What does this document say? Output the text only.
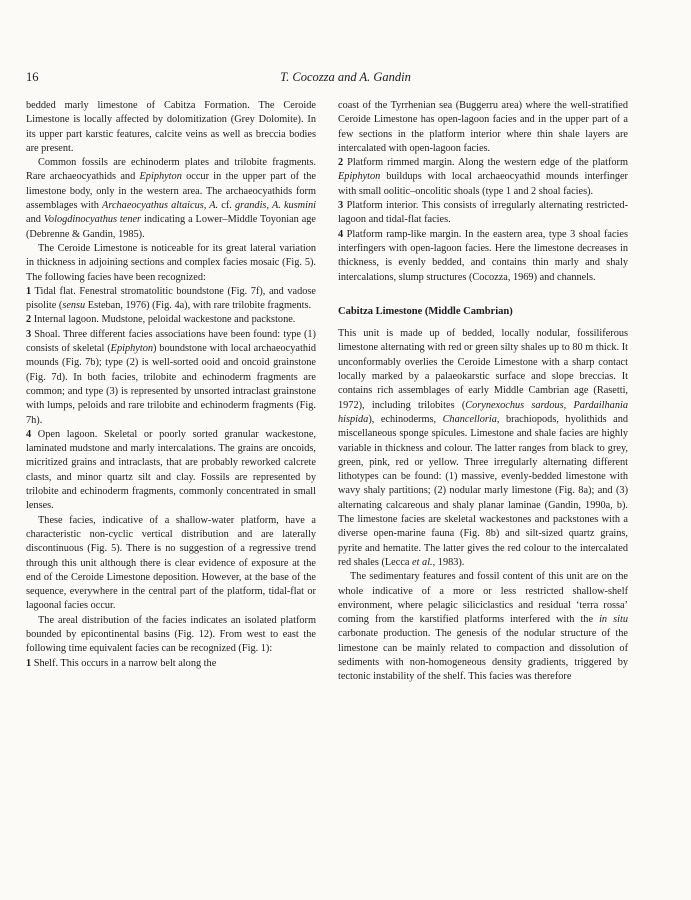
16	T. Cocozza and A. Gandin

bedded marly limestone of Cabitza Formation. The Ceroide Limestone is locally affected by dolomitization (Grey Dolomite). In its upper part karstic features, calcite veins as well as breccia bodies are present.

Common fossils are echinoderm plates and trilobite fragments. Rare archaeocyathids and Epiphyton occur in the upper part of the limestone body, only in the western area. The archaeocyathids form assemblages with Archaeocyathus altaicus, A. cf. grandis, A. kusmini and Vologdinocyathus tener indicating a Lower–Middle Toyonian age (Debrenne & Gandin, 1985).

The Ceroide Limestone is noticeable for its great lateral variation in thickness in adjoining sections and complex facies mosaic (Fig. 5). The following facies have been recognized:

1 Tidal flat. Fenestral stromatolitic boundstone (Fig. 7f), and vadose pisolite (sensu Esteban, 1976) (Fig. 4a), with rare trilobite fragments.

2 Internal lagoon. Mudstone, peloidal wackestone and packstone.

3 Shoal. Three different facies associations have been found: type (1) consists of skeletal (Epiphyton) boundstone with local archaeocyathid mounds (Fig. 7b); type (2) is well-sorted ooid and oncoid grainstone (Fig. 7d). In both facies, trilobite and echinoderm fragments are common; and type (3) is represented by unsorted intraclast grainstone with lumps, peloids and rare trilobite and echinoderm fragments (Fig. 7h).

4 Open lagoon. Skeletal or poorly sorted granular wackestone, laminated mudstone and marly intercalations. The grains are oncoids, micritized grains and intraclasts, that are probably reworked calcrete clasts, and minor quartz silt and clay. Fossils are represented by trilobite and echinoderm fragments, commonly concentrated in small lenses.

These facies, indicative of a shallow-water platform, have a characteristic non-cyclic vertical distribution and are laterally discontinuous (Fig. 5). There is no suggestion of a regressive trend through this unit although there is clear evidence of exposure at the end of the Ceroide Limestone deposition. However, at the base of the sequence, everywhere in the central part of the platform, tidal-flat or lagoonal facies occur.

The areal distribution of the facies indicates an isolated platform bounded by epicontinental basins (Fig. 12). From west to east the following time equivalent facies can be recognized (Fig. 1):

1 Shelf. This occurs in a narrow belt along the

coast of the Tyrrhenian sea (Buggerru area) where the well-stratified Ceroide Limestone has open-lagoon facies and in the upper part of a few sections in the platform interior where thin shale layers are intercalated with open-lagoon facies.

2 Platform rimmed margin. Along the western edge of the platform Epiphyton buildups with local archaeocyathid mounds interfinger with small oolitic–oncolitic shoals (type 1 and 2 shoal facies).

3 Platform interior. This consists of irregularly alternating restricted-lagoon and tidal-flat facies.

4 Platform ramp-like margin. In the eastern area, type 3 shoal facies interfingers with open-lagoon facies. Here the limestone decreases in thickness, is evenly bedded, and contains thin marly and shaly intercalations, slump structures (Cocozza, 1969) and channels.

Cabitza Limestone (Middle Cambrian)

This unit is made up of bedded, locally nodular, fossiliferous limestone alternating with red or green silty shales up to 80 m thick. It unconformably overlies the Ceroide Limestone with a sharp contact locally marked by a palaeokarstic surface and slope breccias. It contains rich assemblages of early Middle Cambrian age (Rasetti, 1972), including trilobites (Corynexochus sardous, Pardailhania hispida), echinoderms, Chancelloria, brachiopods, hyolithids and miscellaneous sponge spicules. Limestone and shale facies are highly variable in thickness and colour. The latter ranges from black to grey, green, pink, red or yellow. Three irregularly alternating different lithotypes can be found: (1) massive, evenly-bedded limestone with wavy shaly partitions; (2) nodular marly limestone (Fig. 8a); and (3) alternating calcareous and shaly planar laminae (Gandin, 1990a, b). The limestone facies are skeletal wackestones and packstones with a diverse open-marine fauna (Fig. 8b) and silt-sized quartz grains, pyrite and hematite. The latter gives the red colour to the intercalated red shales (Lecca et al., 1983).

The sedimentary features and fossil content of this unit are on the whole indicative of a more or less restricted shallow-shelf environment, where pelagic siliciclastics and residual ‘terra rossa’ coming from the karstified platforms interfered with the in situ carbonate production. The genesis of the nodular structure of the limestone can be mainly related to compaction and dissolution of sediments with non-homogeneous density gradients, triggered by tectonic instability of the shelf. This facies was therefore
